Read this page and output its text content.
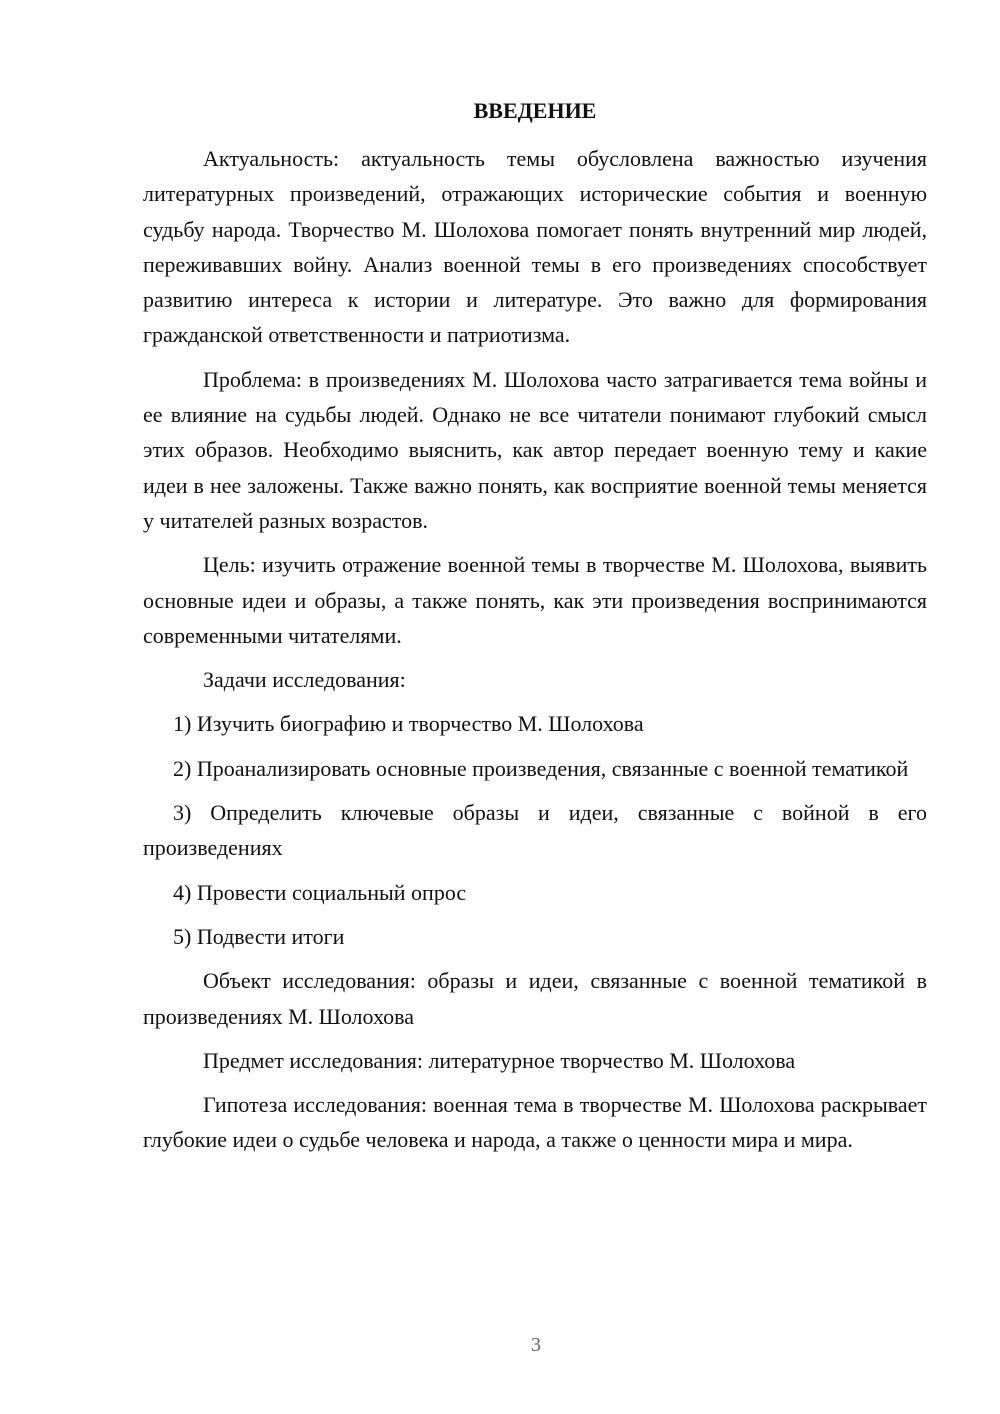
ВВЕДЕНИЕ

Актуальность: актуальность темы обусловлена важностью изучения литературных произведений, отражающих исторические события и военную судьбу народа. Творчество М. Шолохова помогает понять внутренний мир людей, переживавших войну. Анализ военной темы в его произведениях способствует развитию интереса к истории и литературе. Это важно для формирования гражданской ответственности и патриотизма.

Проблема: в произведениях М. Шолохова часто затрагивается тема войны и ее влияние на судьбы людей. Однако не все читатели понимают глубокий смысл этих образов. Необходимо выяснить, как автор передает военную тему и какие идеи в нее заложены. Также важно понять, как восприятие военной темы меняется у читателей разных возрастов.

Цель: изучить отражение военной темы в творчестве М. Шолохова, выявить основные идеи и образы, а также понять, как эти произведения воспринимаются современными читателями.

Задачи исследования:

1) Изучить биографию и творчество М. Шолохова

2) Проанализировать основные произведения, связанные с военной тематикой

3) Определить ключевые образы и идеи, связанные с войной в его произведениях

4) Провести социальный опрос

5) Подвести итоги

Объект исследования: образы и идеи, связанные с военной тематикой в произведениях М. Шолохова

Предмет исследования: литературное творчество М. Шолохова

Гипотеза исследования: военная тема в творчестве М. Шолохова раскрывает глубокие идеи о судьбе человека и народа, а также о ценности мира и мира.

3
